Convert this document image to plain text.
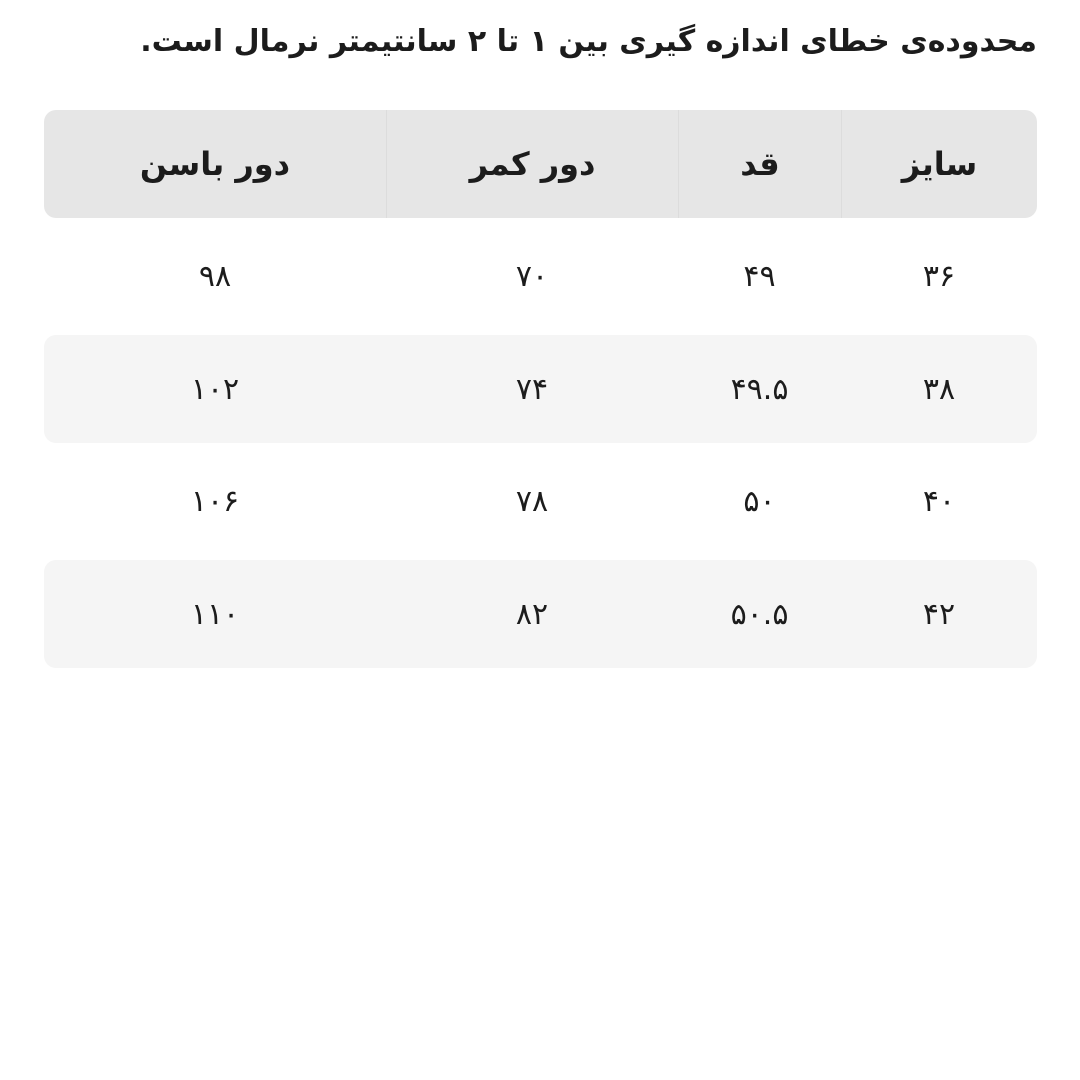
محدوده‌ی خطای اندازه گیری بین ۱ تا ۲ سانتیمتر نرمال است.
سایز
قد
دور کمر
دور باسن
۳۶
۴۹
۷۰
۹۸
۳۸
۴۹.۵
۷۴
۱۰۲
۴۰
۵۰
۷۸
۱۰۶
۴۲
۵۰.۵
۸۲
۱۱۰
